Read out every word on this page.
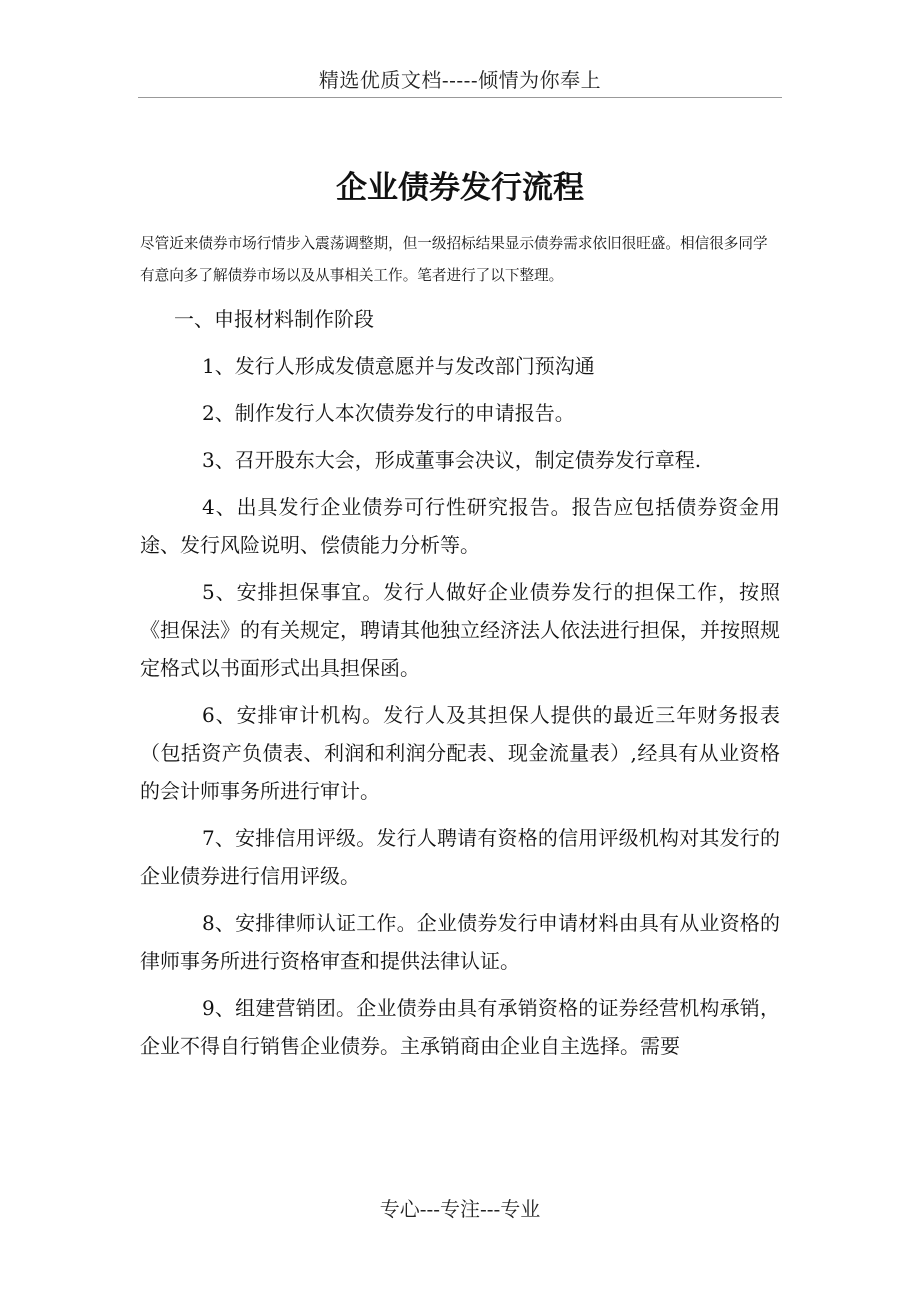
精选优质文档-----倾情为你奉上
企业债券发行流程
尽管近来债券市场行情步入震荡调整期，但一级招标结果显示债券需求依旧很旺盛。相信很多同学有意向多了解债券市场以及从事相关工作。笔者进行了以下整理。

一、申报材料制作阶段

1、发行人形成发债意愿并与发改部门预沟通

2、制作发行人本次债券发行的申请报告。

3、召开股东大会，形成董事会决议，制定债券发行章程.

4、出具发行企业债券可行性研究报告。报告应包括债券资金用途、发行风险说明、偿债能力分析等。

5、安排担保事宜。发行人做好企业债券发行的担保工作，按照《担保法》的有关规定，聘请其他独立经济法人依法进行担保，并按照规定格式以书面形式出具担保函。

6、安排审计机构。发行人及其担保人提供的最近三年财务报表（包括资产负债表、利润和利润分配表、现金流量表）,经具有从业资格的会计师事务所进行审计。

7、安排信用评级。发行人聘请有资格的信用评级机构对其发行的企业债券进行信用评级。

8、安排律师认证工作。企业债券发行申请材料由具有从业资格的律师事务所进行资格审查和提供法律认证。

9、组建营销团。企业债券由具有承销资格的证券经营机构承销，企业不得自行销售企业债券。主承销商由企业自主选择。需要

专心---专注---专业
